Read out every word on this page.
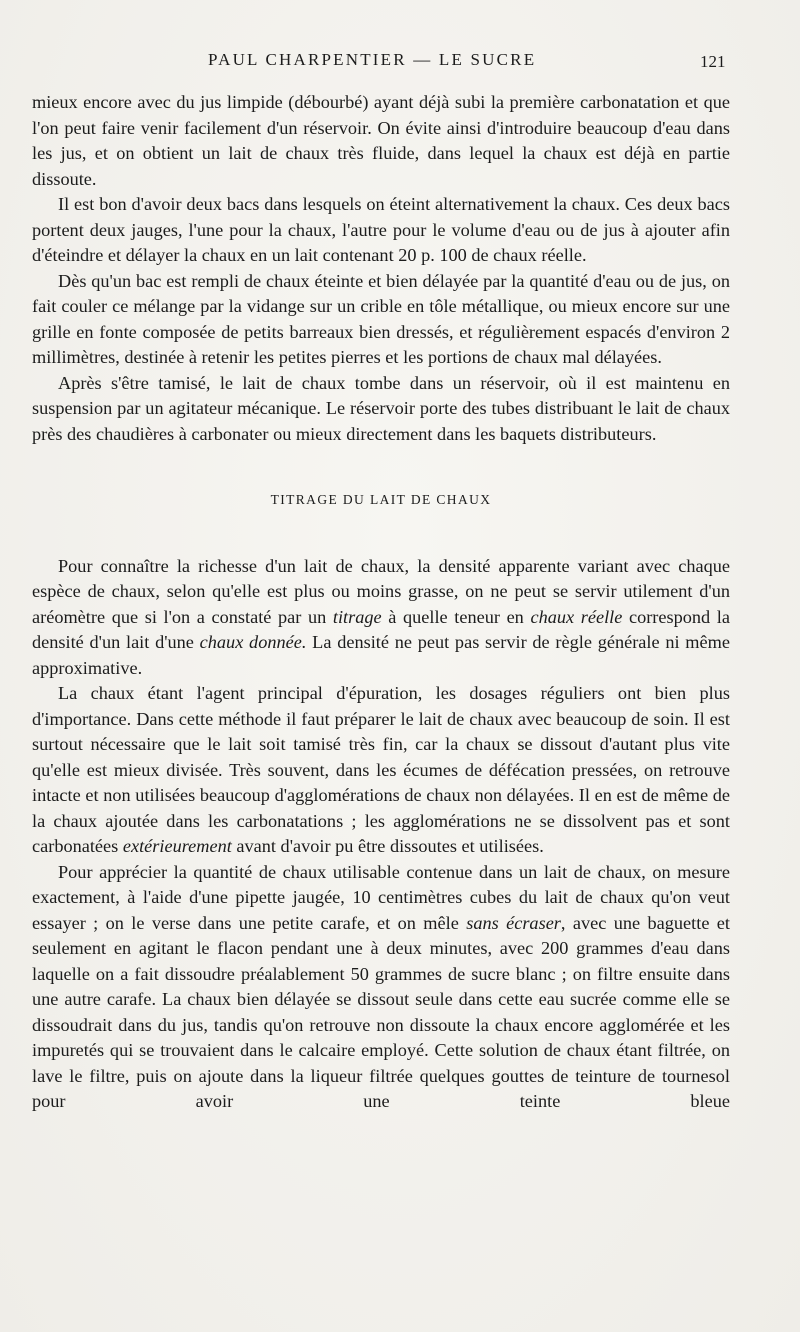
PAUL CHARPENTIER — LE SUCRE	121

mieux encore avec du jus limpide (débourbé) ayant déjà subi la première carbonatation et que l'on peut faire venir facilement d'un réservoir. On évite ainsi d'introduire beaucoup d'eau dans les jus, et on obtient un lait de chaux très fluide, dans lequel la chaux est déjà en partie dissoute.

Il est bon d'avoir deux bacs dans lesquels on éteint alternativement la chaux. Ces deux bacs portent deux jauges, l'une pour la chaux, l'autre pour le volume d'eau ou de jus à ajouter afin d'éteindre et délayer la chaux en un lait contenant 20 p. 100 de chaux réelle.

Dès qu'un bac est rempli de chaux éteinte et bien délayée par la quantité d'eau ou de jus, on fait couler ce mélange par la vidange sur un crible en tôle métallique, ou mieux encore sur une grille en fonte composée de petits barreaux bien dressés, et régulièrement espacés d'environ 2 millimètres, destinée à retenir les petites pierres et les portions de chaux mal délayées.

Après s'être tamisé, le lait de chaux tombe dans un réservoir, où il est maintenu en suspension par un agitateur mécanique. Le réservoir porte des tubes distribuant le lait de chaux près des chaudières à carbonater ou mieux directement dans les baquets distributeurs.

TITRAGE DU LAIT DE CHAUX

Pour connaître la richesse d'un lait de chaux, la densité apparente variant avec chaque espèce de chaux, selon qu'elle est plus ou moins grasse, on ne peut se servir utilement d'un aréomètre que si l'on a constaté par un titrage à quelle teneur en chaux réelle correspond la densité d'un lait d'une chaux donnée. La densité ne peut pas servir de règle générale ni même approximative.

La chaux étant l'agent principal d'épuration, les dosages réguliers ont bien plus d'importance. Dans cette méthode il faut préparer le lait de chaux avec beaucoup de soin. Il est surtout nécessaire que le lait soit tamisé très fin, car la chaux se dissout d'autant plus vite qu'elle est mieux divisée. Très souvent, dans les écumes de défécation pressées, on retrouve intacte et non utilisées beaucoup d'agglomérations de chaux non délayées. Il en est de même de la chaux ajoutée dans les carbonatations ; les agglomérations ne se dissolvent pas et sont carbonatées extérieurement avant d'avoir pu être dissoutes et utilisées.

Pour apprécier la quantité de chaux utilisable contenue dans un lait de chaux, on mesure exactement, à l'aide d'une pipette jaugée, 10 centimètres cubes du lait de chaux qu'on veut essayer ; on le verse dans une petite carafe, et on mêle sans écraser, avec une baguette et seulement en agitant le flacon pendant une à deux minutes, avec 200 grammes d'eau dans laquelle on a fait dissoudre préalablement 50 grammes de sucre blanc ; on filtre ensuite dans une autre carafe. La chaux bien délayée se dissout seule dans cette eau sucrée comme elle se dissoudrait dans du jus, tandis qu'on retrouve non dissoute la chaux encore agglomérée et les impuretés qui se trouvaient dans le calcaire employé. Cette solution de chaux étant filtrée, on lave le filtre, puis on ajoute dans la liqueur filtrée quelques gouttes de teinture de tournesol pour avoir une teinte bleue
